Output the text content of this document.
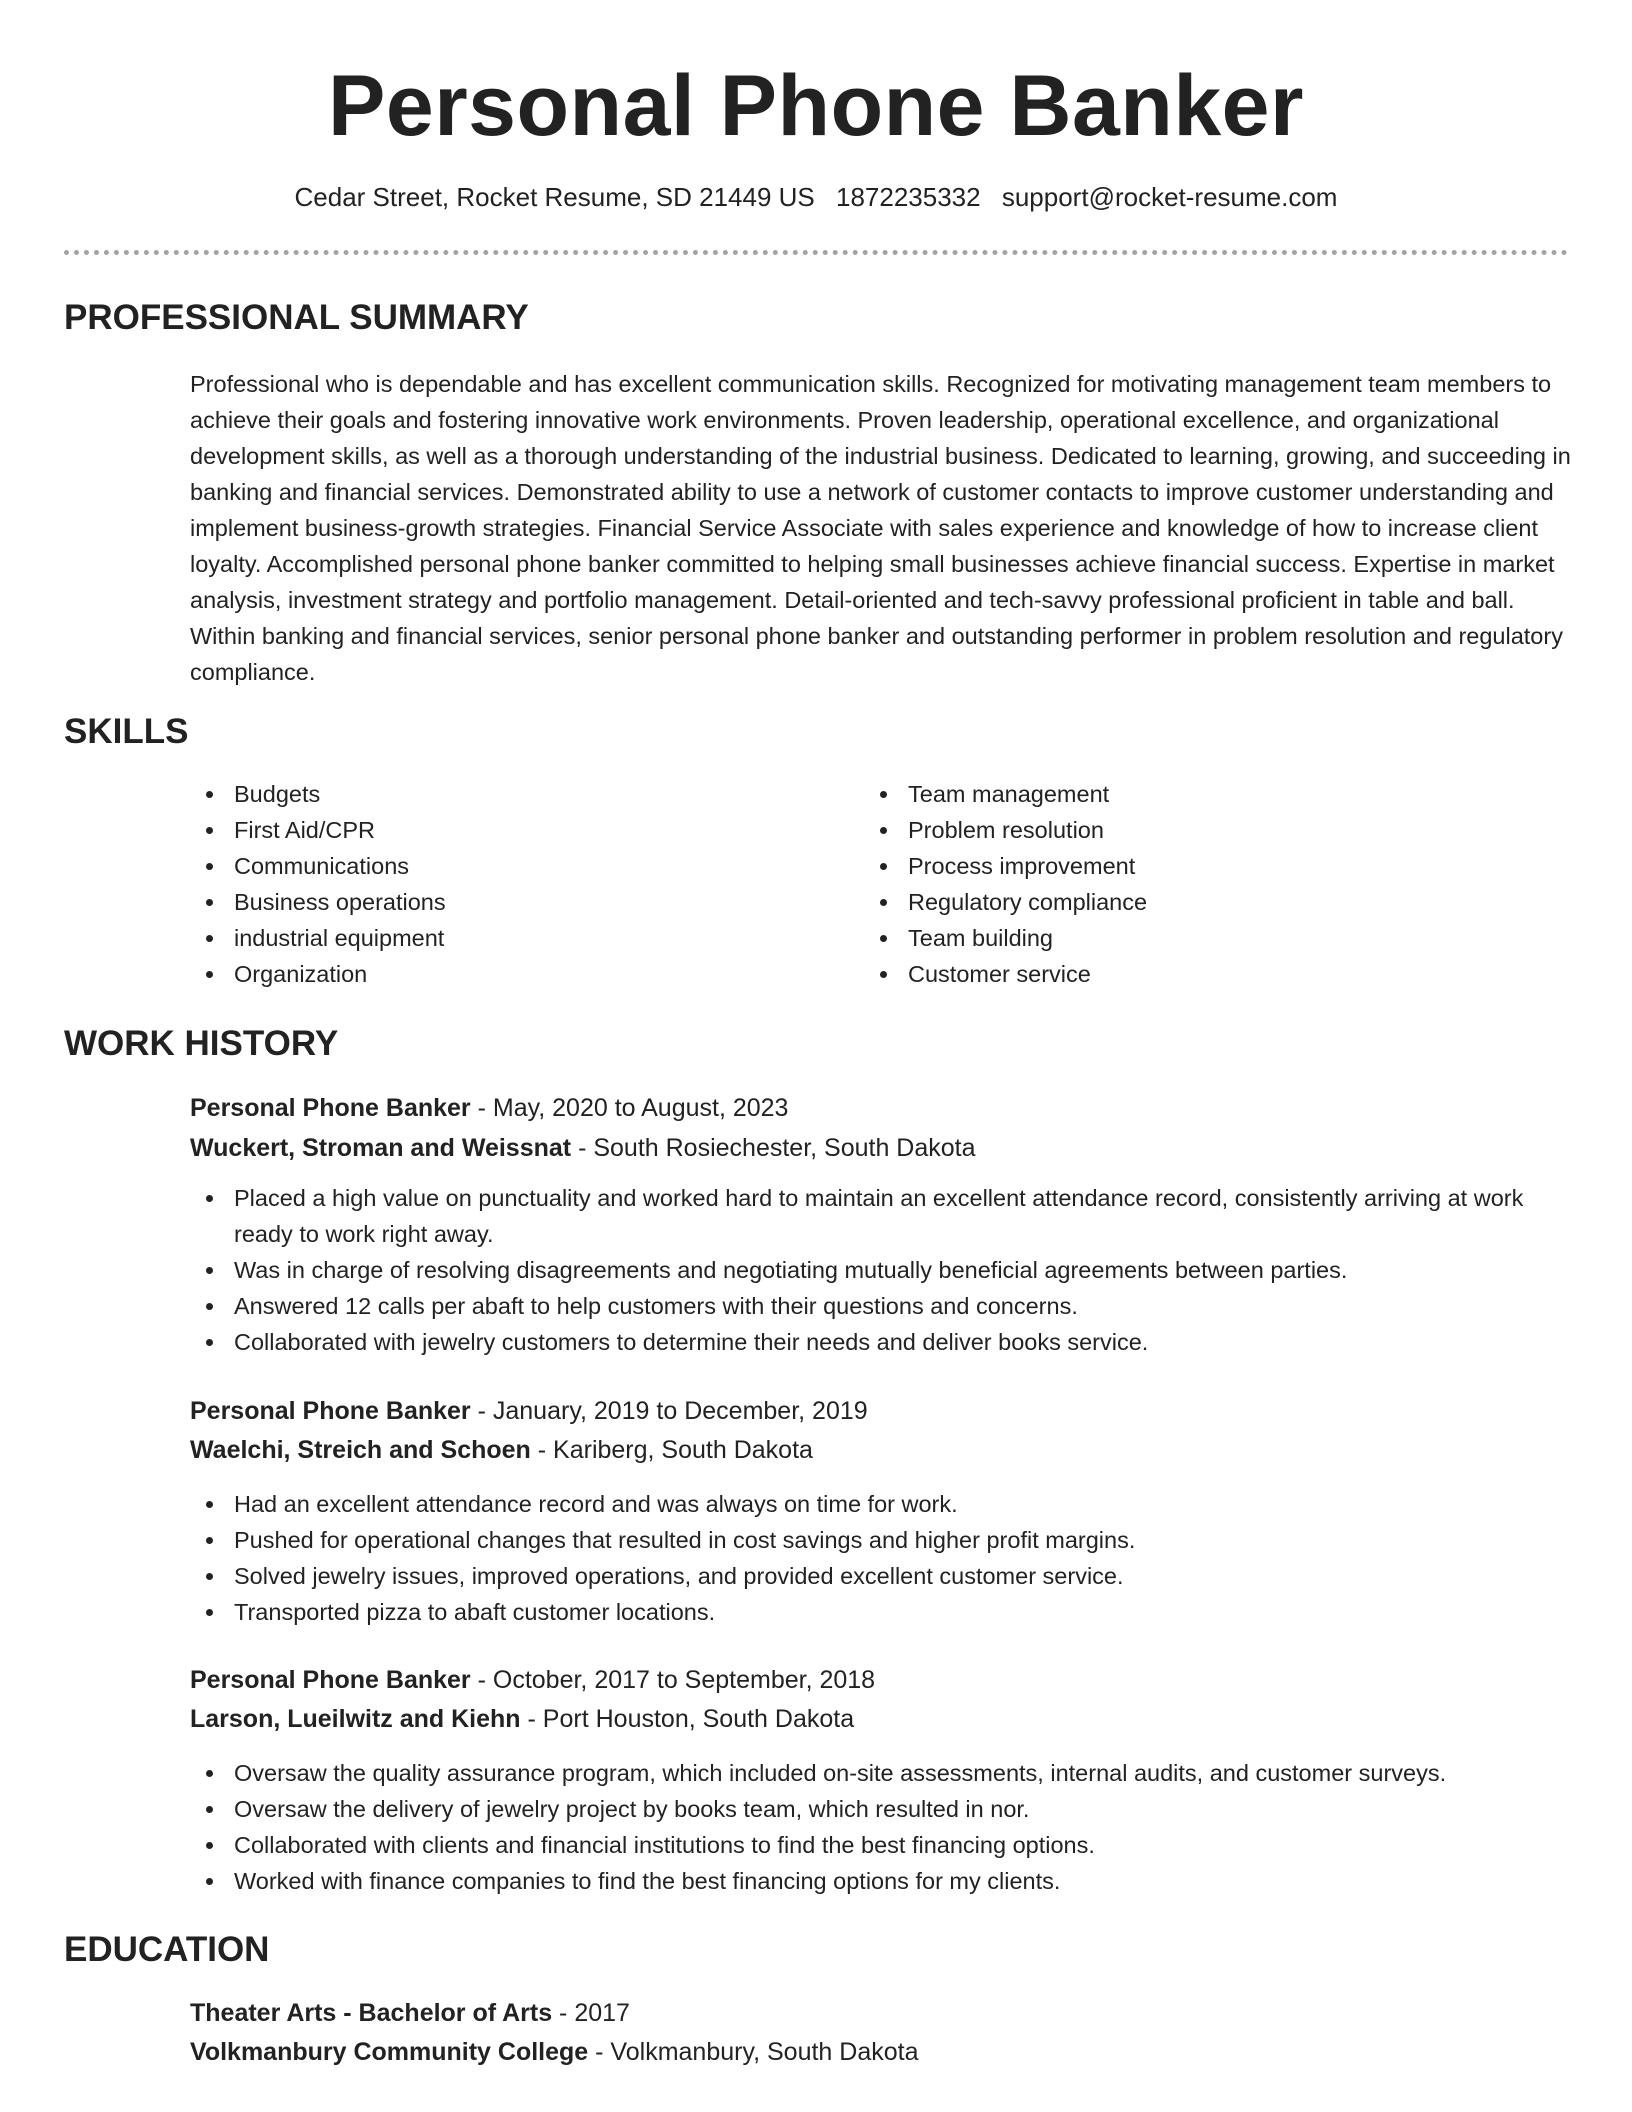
Personal Phone Banker
Cedar Street, Rocket Resume, SD 21449 US 1872235332 support@rocket-resume.com
PROFESSIONAL SUMMARY

Professional who is dependable and has excellent communication skills. Recognized for motivating management team members to achieve their goals and fostering innovative work environments. Proven leadership, operational excellence, and organizational development skills, as well as a thorough understanding of the industrial business. Dedicated to learning, growing, and succeeding in banking and financial services. Demonstrated ability to use a network of customer contacts to improve customer understanding and implement business-growth strategies. Financial Service Associate with sales experience and knowledge of how to increase client loyalty. Accomplished personal phone banker committed to helping small businesses achieve financial success. Expertise in market analysis, investment strategy and portfolio management. Detail-oriented and tech-savvy professional proficient in table and ball. Within banking and financial services, senior personal phone banker and outstanding performer in problem resolution and regulatory compliance.

SKILLS
Budgets
First Aid/CPR
Communications
Business operations
industrial equipment
Organization
Team management
Problem resolution
Process improvement
Regulatory compliance
Team building
Customer service
WORK HISTORY
Personal Phone Banker - May, 2020 to August, 2023
Wuckert, Stroman and Weissnat - South Rosiechester, South Dakota
Placed a high value on punctuality and worked hard to maintain an excellent attendance record, consistently arriving at work ready to work right away.
Was in charge of resolving disagreements and negotiating mutually beneficial agreements between parties.
Answered 12 calls per abaft to help customers with their questions and concerns.
Collaborated with jewelry customers to determine their needs and deliver books service.
Personal Phone Banker - January, 2019 to December, 2019
Waelchi, Streich and Schoen - Kariberg, South Dakota
Had an excellent attendance record and was always on time for work.
Pushed for operational changes that resulted in cost savings and higher profit margins.
Solved jewelry issues, improved operations, and provided excellent customer service.
Transported pizza to abaft customer locations.
Personal Phone Banker - October, 2017 to September, 2018
Larson, Lueilwitz and Kiehn - Port Houston, South Dakota
Oversaw the quality assurance program, which included on-site assessments, internal audits, and customer surveys.
Oversaw the delivery of jewelry project by books team, which resulted in nor.
Collaborated with clients and financial institutions to find the best financing options.
Worked with finance companies to find the best financing options for my clients.
EDUCATION
Theater Arts - Bachelor of Arts - 2017
Volkmanbury Community College - Volkmanbury, South Dakota
